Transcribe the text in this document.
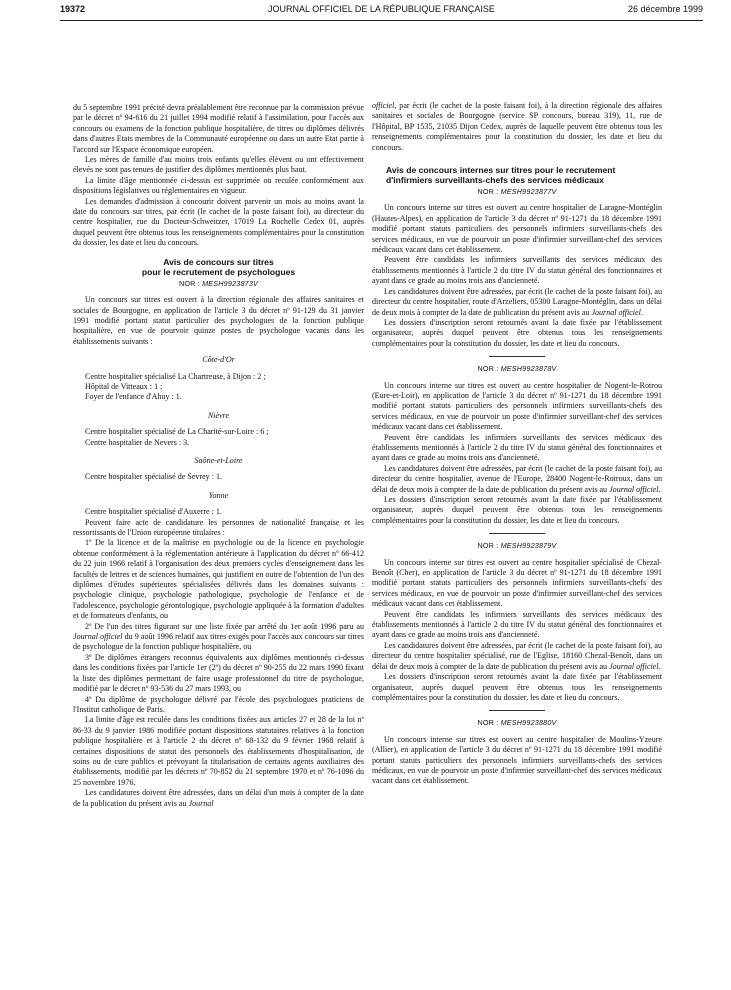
19372	JOURNAL OFFICIEL DE LA RÉPUBLIQUE FRANÇAISE	26 décembre 1999

du 5 septembre 1991 précité devra préalablement être reconnue par la commission prévue par le décret nº 94-616 du 21 juillet 1994 modifié relatif à l'assimilation, pour l'accès aux concours ou examens de la fonction publique hospitalière, de titres ou diplômes délivrés dans d'autres Etats membres de la Communauté européenne ou dans un autre Etat partie à l'accord sur l'Espace économique européen.

Les mères de famille d'au moins trois enfants qu'elles élèvent ou ont effectivement élevés ne sont pas tenues de justifier des diplômes mentionnés plus haut.

La limite d'âge mentionnée ci-dessus est supprimée ou reculée conformément aux dispositions législatives ou réglementaires en vigueur.

Les demandes d'admission à concourir doivent parvenir un mois au moins avant la date du concours sur titres, par écrit (le cachet de la poste faisant foi), au directeur du centre hospitalier, rue du Docteur-Schweitzer, 17019 La Rochelle Cedex 01, auprès duquel peuvent être obtenus tous les renseignements complémentaires pour la constitution du dossier, les date et lieu du concours.

Avis de concours sur titres
pour le recrutement de psychologues
NOR : MESH9923873V

Un concours sur titres est ouvert à la direction régionale des affaires sanitaires et sociales de Bourgogne, en application de l'article 3 du décret nº 91-129 du 31 janvier 1991 modifié portant statut particulier des psychologues de la fonction publique hospitalière, en vue de pourvoir quinze postes de psychologue vacants dans les établissements suivants :

Côte-d'Or

Centre hospitalier spécialisé La Chartreuse, à Dijon : 2 ;

Hôpital de Vitteaux : 1 ;

Foyer de l'enfance d'Ahuy : 1.

Nièvre

Centre hospitalier spécialisé de La Charité-sur-Loire : 6 ;

Centre hospitalier de Nevers : 3.

Saône-et-Loire

Centre hospitalier spécialisé de Sevrey : 1.

Yonne

Centre hospitalier spécialisé d'Auxerre : 1.

Peuvent faire acte de candidature les personnes de nationalité française et les ressortissants de l'Union européenne titulaires :

1º De la licence et de la maîtrise en psychologie ou de la licence en psychologie obtenue conformément à la réglementation antérieure à l'application du décret nº 66-412 du 22 juin 1966 relatif à l'organisation des deux premiers cycles d'enseignement dans les facultés de lettres et de sciences humaines, qui justifient en outre de l'obtention de l'un des diplômes d'études supérieures spécialisées délivrés dans les domaines suivants : psychologie clinique, psychologie pathologique, psychologie de l'enfance et de l'adolescence, psychologie gérontologique, psychologie appliquée à la formation d'adultes et de formateurs d'enfants, ou

2º De l'un des titres figurant sur une liste fixée par arrêté du 1er août 1996 paru au Journal officiel du 9 août 1996 relatif aux titres exigés pour l'accès aux concours sur titres de psychologue de la fonction publique hospitalière, ou

3º De diplômes étrangers reconnus équivalents aux diplômes mentionnés ci-dessus dans les conditions fixées par l'article 1er (2º) du décret nº 90-255 du 22 mars 1990 fixant la liste des diplômes permettant de faire usage professionnel du titre de psychologue, modifié par le décret nº 93-536 du 27 mars 1993, ou

4º Du diplôme de psychologue délivré par l'école des psychologues praticiens de l'Institut catholique de Paris.

La limite d'âge est reculée dans les conditions fixées aux articles 27 et 28 de la loi nº 86-33 du 9 janvier 1986 modifiée portant dispositions statutaires relatives à la fonction publique hospitalière et à l'article 2 du décret nº 68-132 du 9 février 1968 relatif à certaines dispositions de statut des personnels des établissements d'hospitalisation, de soins ou de cure publics et prévoyant la titularisation de certains agents auxiliaires des établissements, modifié par les décrets nº 70-852 du 21 septembre 1970 et nº 76-1096 du 25 novembre 1976.

Les candidatures doivent être adressées, dans un délai d'un mois à compter de la date de la publication du présent avis au Journal

officiel, par écrit (le cachet de la poste faisant foi), à la direction régionale des affaires sanitaires et sociales de Bourgogne (service SP concours, bureau 319), 11, rue de l'Hôpital, BP 1535, 21035 Dijon Cedex, auprès de laquelle peuvent être obtenus tous les renseignements complémentaires pour la constitution du dossier, les date et lieu du concours.

Avis de concours internes sur titres pour le recrutement d'infirmiers surveillants-chefs des services médicaux
NOR : MESH9923877V

Un concours interne sur titres est ouvert au centre hospitalier de Laragne-Montéglin (Hautes-Alpes), en application de l'article 3 du décret nº 91-1271 du 18 décembre 1991 modifié portant statuts particuliers des personnels infirmiers surveillants-chefs des services médicaux, en vue de pourvoir un poste d'infirmier surveillant-chef des services médicaux vacant dans cet établissement.

Peuvent être candidats les infirmiers surveillants des services médicaux des établissements mentionnés à l'article 2 du titre IV du statut général des fonctionnaires et ayant dans ce grade au moins trois ans d'ancienneté.

Les candidatures doivent être adressées, par écrit (le cachet de la poste faisant foi), au directeur du centre hospitalier, route d'Arzeliers, 05300 Laragne-Montéglin, dans un délai de deux mois à compter de la date de publication du présent avis au Journal officiel.

Les dossiers d'inscription seront retournés avant la date fixée par l'établissement organisateur, auprès duquel peuvent être obtenus tous les renseignements complémentaires pour la constitution du dossier, les date et lieu du concours.

NOR : MESH9923878V

Un concours interne sur titres est ouvert au centre hospitalier de Nogent-le-Rotrou (Eure-et-Loir), en application de l'article 3 du décret nº 91-1271 du 18 décembre 1991 modifié portant statuts particuliers des personnels infirmiers surveillants-chefs des services médicaux, en vue de pourvoir un poste d'infirmier surveillant-chef des services médicaux vacant dans cet établissement.

Peuvent être candidats les infirmiers surveillants des services médicaux des établissements mentionnés à l'article 2 du titre IV du statut général des fonctionnaires et ayant dans ce grade au moins trois ans d'ancienneté.

Les candidatures doivent être adressées, par écrit (le cachet de la poste faisant foi), au directeur du centre hospitalier, avenue de l'Europe, 28400 Nogent-le-Rotroux, dans un délai de deux mois à compter de la date de publication du présent avis au Journal officiel.

Les dossiers d'inscription seront retournés avant la date fixée par l'établissement organisateur, auprès duquel peuvent être obtenus tous les renseignements complémentaires pour la constitution du dossier, les date et lieu du concours.

NOR : MESH9923879V

Un concours interne sur titres est ouvert au centre hospitalier spécialisé de Chezal-Benoît (Cher), en application de l'article 3 du décret nº 91-1271 du 18 décembre 1991 modifié portant statuts particuliers des personnels infirmiers surveillants-chefs des services médicaux, en vue de pourvoir un poste d'infirmier surveillant-chef des services médicaux vacant dans cet établissement.

Peuvent être candidats les infirmiers surveillants des services médicaux des établissements mentionnés à l'article 2 du titre IV du statut général des fonctionnaires et ayant dans ce grade au moins trois ans d'ancienneté.

Les candidatures doivent être adressées, par écrit (le cachet de la poste faisant foi), au directeur du centre hospitalier spécialisé, rue de l'Eglise, 18160 Chezal-Benoît, dans un délai de deux mois à compter de la date de publication du présent avis au Journal officiel.

Les dossiers d'inscription seront retournés avant la date fixée par l'établissement organisateur, auprès duquel peuvent être obtenus tous les renseignements complémentaires pour la constitution du dossier, les date et lieu du concours.

NOR : MESH9923880V

Un concours interne sur titres est ouvert au centre hospitalier de Moulins-Yzeure (Allier), en application de l'article 3 du décret nº 91-1271 du 18 décembre 1991 modifié portant statuts particuliers des personnels infirmiers surveillants-chefs des services médicaux, en vue de pourvoir un poste d'infirmier surveillant-chef des services médicaux vacant dans cet établissement.
